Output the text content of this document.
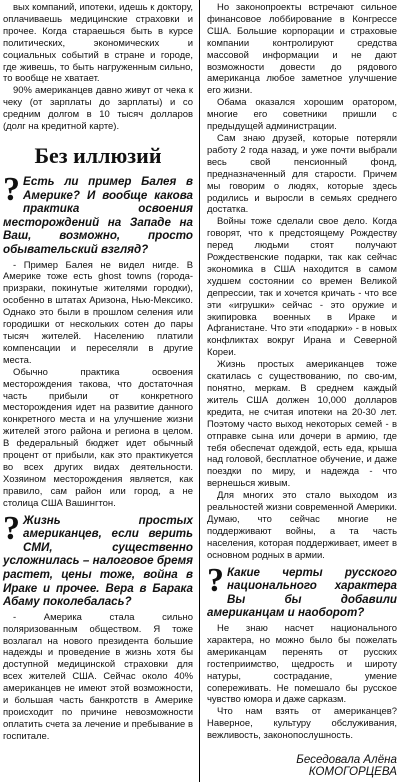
вых компаний, ипотеки, идешь к доктору, оплачиваешь медицинские страховки и прочее. Когда стараешься быть в курсе политических, экономических и социальных событий в стране и городе, где живешь, то быть нагруженным сильно, то вообще не хватает.

90% американцев давно живут от чека к чеку (от зарплаты до зарплаты) и со средним долгом в 10 тысяч долларов (долг на кредитной карте).

Без иллюзий
? Есть ли пример Балея в Америке? И вообще какова практика освоения месторождений на Западе на Ваш, возможно, просто обывательский взгляд?

- Пример Балея не видел нигде. В Америке тоже есть ghost towns (города-призраки, покинутые жителями городки), особенно в штатах Аризона, Нью-Мексико. Однако это были в прошлом селения или городишки от нескольких сотен до пары тысяч жителей. Населению платили компенсации и переселяли в другие места.

Обычно практика освоения месторождения такова, что достаточная часть прибыли от конкретного месторождения идет на развитие данного конкретного места и на улучшение жизни жителей этого района и региона в целом. В федеральный бюджет идет обычный процент от прибыли, как это практикуется во всех других видах деятельности. Хозяином месторождения является, как правило, сам район или город, а не столица США Вашингтон.

? Жизнь простых американцев, если верить СМИ, существенно усложнилась – налоговое бремя растет, цены тоже, война в Ираке и прочее. Вера в Барака Абаму поколебалась?

- Америка стала сильно поляризованным обществом. Я тоже возлагал на нового президента большие надежды и проведение в жизнь хотя бы доступной медицинской страховки для всех жителей США. Сейчас около 40% американцев не имеют этой возможности, и большая часть банкротств в Америке происходит по причине невозможности оплатить счета за лечение и пребывание в госпитале.

Но законопроекты встречают сильное финансовое лоббирование в Конгрессе США. Большие корпорации и страховые компании контролируют средства массовой информации и не дают возможности довести до рядового американца любое заметное улучшение его жизни.

Обама оказался хорошим оратором, многие его советники пришли с предыдущей администрации.

Сам знаю друзей, которые потеряли работу 2 года назад, и уже почти выбрали весь свой пенсионный фонд, предназначенный для старости. Причем мы говорим о людях, которые здесь родились и выросли в семьях среднего достатка.

Войны тоже сделали свое дело. Когда говорят, что к предстоящему Рождеству перед людьми стоят получают Рождественские подарки, так как сейчас экономика в США находится в самом худшем состоянии со времен Великой депрессии, так и хочется кричать - что все эти «игрушки» сейчас - это оружие и экипировка военных в Ираке и Афганистане. Что эти «подарки» - в новых конфликтах вокруг Ирана и Северной Кореи.

Жизнь простых американцев тоже скатилась с существованию, по сво-им, понятно, меркам. В среднем каждый житель США должен 10,000 долларов кредита, не считая ипотеки на 20-30 лет. Поэтому часто выход некоторых семей - в отправке сына или дочери в армию, где тебя обеспечат одеждой, есть еда, крыша над головой, бесплатное обучение, и даже поездки по миру, и надежда - что вернешься живым.

Для многих это стало выходом из реальностей жизни современной Америки. Думаю, что сейчас многие не поддерживают войны, а та часть населения, которая поддерживает, имеет в основном родных в армии.

? Какие черты русского национального характера Вы бы добавили американцам и наоборот?

Не знаю насчет национального характера, но можно было бы пожелать американцам перенять от русских гостеприимство, щедрость и широту натуры, сострадание, умение сопереживать. Не помешало бы русское чувство юмора и даже сарказм.

Что нам взять от американцев? Наверное, культуру обслуживания, вежливость, законопослушность.

Беседовала Алёна КОМОГОРЦЕВА
